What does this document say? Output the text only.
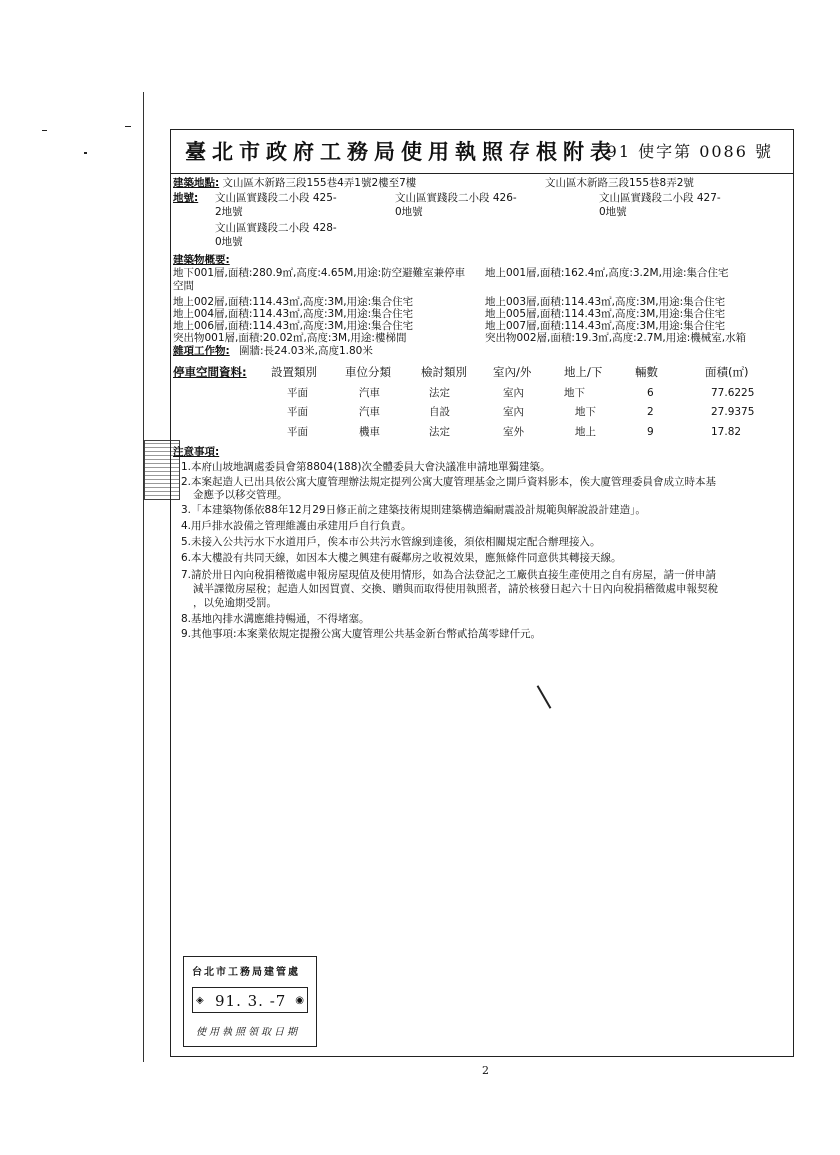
臺北市政府工務局使用執照存根附表
91 使字第 0086 號
建築地點: 文山區木新路三段155巷4弄1號2樓至7樓	文山區木新路三段155巷8弄2號
地號: 文山區實踐段二小段 425-
2地號
文山區實踐段二小段 426-
0地號
文山區實踐段二小段 427-
0地號
文山區實踐段二小段 428-
0地號
建築物概要:
地下001層,面積:280.9㎡,高度:4.65M,用途:防空避難室兼停車 地上001層,面積:162.4㎡,高度:3.2M,用途:集合住宅
空間
地上002層,面積:114.43㎡,高度:3M,用途:集合住宅	地上003層,面積:114.43㎡,高度:3M,用途:集合住宅
地上004層,面積:114.43㎡,高度:3M,用途:集合住宅	地上005層,面積:114.43㎡,高度:3M,用途:集合住宅
地上006層,面積:114.43㎡,高度:3M,用途:集合住宅	地上007層,面積:114.43㎡,高度:3M,用途:集合住宅
突出物001層,面積:20.02㎡,高度:3M,用途:樓梯間	突出物002層,面積:19.3㎡,高度:2.7M,用途:機械室,水箱
雜項工作物: 圍牆:長24.03米,高度1.80米
停車空間資料: 設置類別 車位分類	檢討類別 室內/外	地上/下	輛數	面積(㎡)
平面	汽車	法定	室內	地下	6	77.6225
平面	汽車	自設	室內	地下	2	27.9375
平面	機車	法定	室外	地上	9	17.82
注意事項:
1.本府山坡地調處委員會第8804(188)次全體委員大會決議准申請地單獨建築。
2.本案起造人已出具依公寓大廈管理辦法規定提列公寓大廈管理基金之開戶資料影本，俟大廈管理委員會成立時本基
金應予以移交管理。
3.「本建築物係依88年12月29日修正前之建築技術規則建築構造編耐震設計規範與解說設計建造」。
4.用戶排水設備之管理維護由承建用戶自行負責。
5.未接入公共污水下水道用戶，俟本市公共污水管線到達後，須依相關規定配合辦理接入。
6.本大樓設有共同天線，如因本大樓之興建有礙鄰房之收視效果，應無條件同意供其轉接天線。
7.請於卅日內向稅捐稽徵處申報房屋現值及使用情形，如為合法登記之工廠供直接生產使用之自有房屋，請一併申請
減半課徵房屋稅；起造人如因買賣、交換、贈與而取得使用執照者，請於核發日起六十日內向稅捐稽徵處申報契稅
，以免逾期受罰。
8.基地內排水溝應維持暢通，不得堵塞。
9.其他事項:本案業依規定提撥公寓大廈管理公共基金新台幣貳拾萬零肆仟元。
台北市工務局建管處
◈ 91. 3. -7 ◉
使用執照領取日期
2
